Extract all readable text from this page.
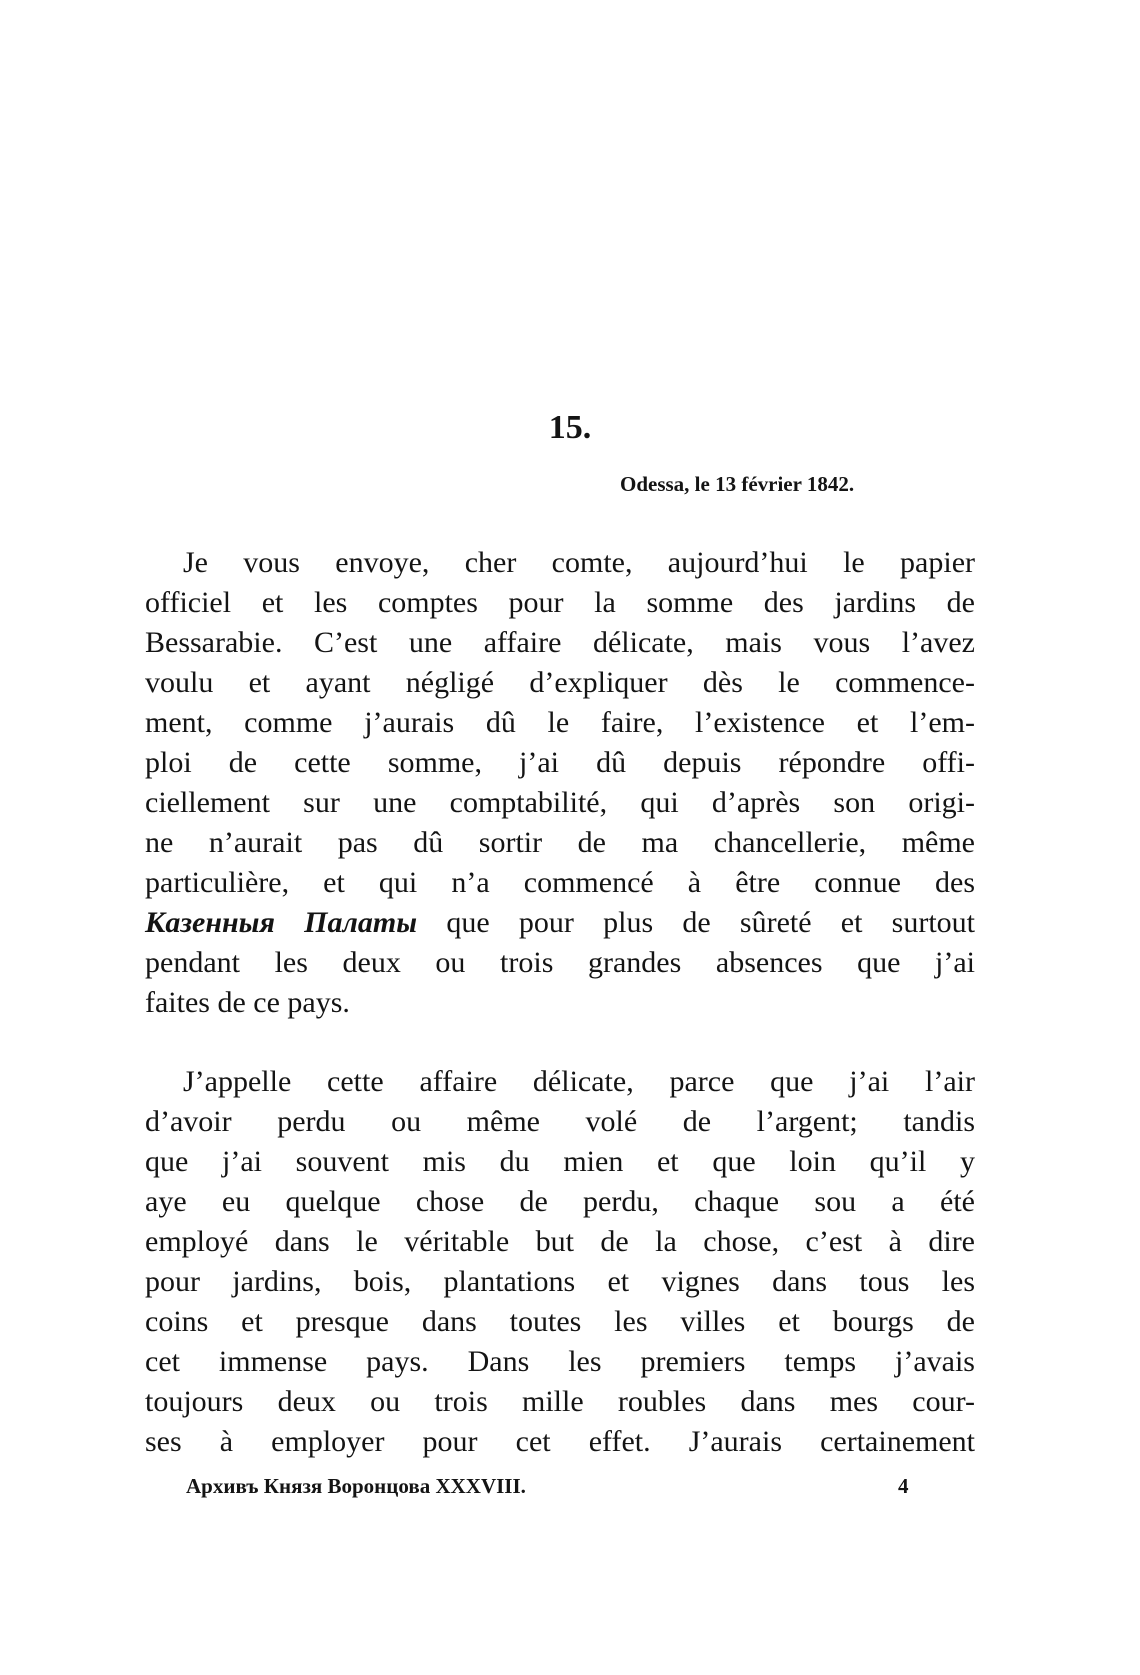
15.
Odessa, le 13 février 1842.
Je vous envoye, cher comte, aujourd’hui le papier
officiel et les comptes pour la somme des jardins de
Bessarabie. C’est une affaire délicate, mais vous l’avez
voulu et ayant négligé d’expliquer dès le commence-
ment, comme j’aurais dû le faire, l’existence et l’em-
ploi de cette somme, j’ai dû depuis répondre offi-
ciellement sur une comptabilité, qui d’après son origi-
ne n’aurait pas dû sortir de ma chancellerie, même
particulière, et qui n’a commencé à être connue des
Казенныя Палаты que pour plus de sûreté et surtout
pendant les deux ou trois grandes absences que j’ai
faites de ce pays.
J’appelle cette affaire délicate, parce que j’ai l’air
d’avoir perdu ou même volé de l’argent; tandis
que j’ai souvent mis du mien et que loin qu’il y
aye eu quelque chose de perdu, chaque sou a été
employé dans le véritable but de la chose, c’est à dire
pour jardins, bois, plantations et vignes dans tous les
coins et presque dans toutes les villes et bourgs de
cet immense pays. Dans les premiers temps j’avais
toujours deux ou trois mille roubles dans mes cour-
ses à employer pour cet effet. J’aurais certainement
Архивъ Князя Воронцова XXXVIII.	4
